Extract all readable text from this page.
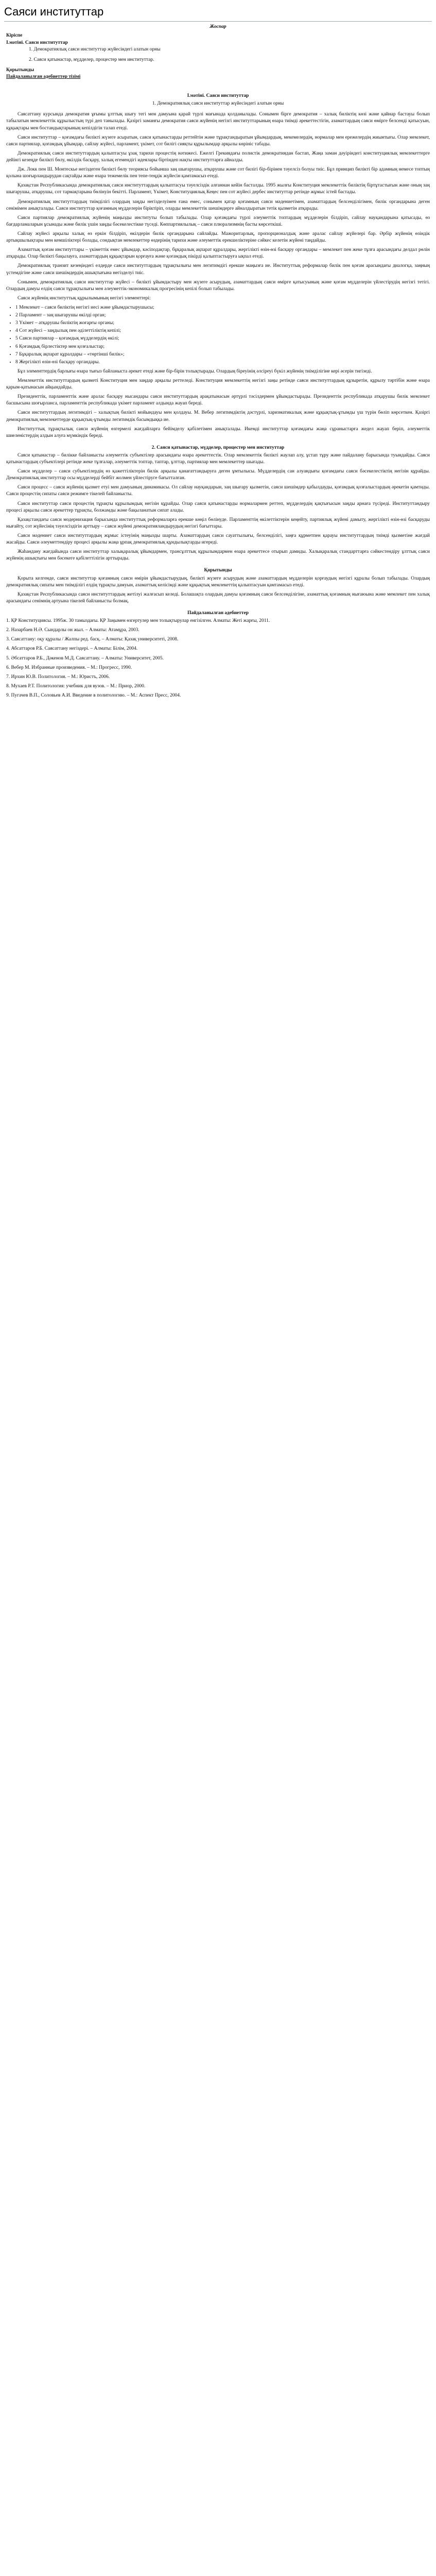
Саяси институттар
Жоспар
Кіріспе
I.мәтіні. Саяси институттар
1. Демократиялық саяси институттар жүйесіндегі алатын орны
2. Саяси қатынастар, мүдделер, процестер мен институттар.
Қорытынды
Пайдаланылған әдебиеттер тізімі
I.мәтіні. Саяси институттар
1. Демократиялық саяси институттар жүйесіндегі алатын орны

Саясаттану курсында демократия ұғымы ұлттық шығу тегі мен дамуына қарай түрлі мағынада қолданылады. Сонымен бірге демократия – халық биліктің көзі және қайнар бастауы болып табылатын мемлекеттік құрылыстың түрі деп танылады. Қазіргі заманғы демократия саяси жүйенің негізгі институттарының өзара тиімді әрекеттестігін, азаматтардың саяси өмірге белсенді қатысуын, құқықтары мен бостандықтарының кепілдігін талап етеді.

Саяси институттар – қоғамдағы билікті жүзеге асыратын, саяси қатынастарды реттейтін және тұрақтандыратын ұйымдардың, мекемелердің, нормалар мен ережелердің жиынтығы. Олар мемлекет, саяси партиялар, қоғамдық ұйымдар, сайлау жүйесі, парламент, үкімет, сот билігі сияқты құрылымдар арқылы көрініс табады.

Демократиялық саяси институттардың қалыптасуы ұзақ тарихи процестің нәтижесі. Ежелгі Грекиядағы полистік демократиядан бастап, Жаңа заман дәуіріндегі конституциялық мемлекеттерге дейінгі кезеңде билікті бөлу, өкілдік басқару, халық егемендігі идеялары біртіндеп нақты институттарға айналды.

Дж. Локк пен Ш. Монтескье негіздеген билікті бөлу теориясы бойынша заң шығарушы, атқарушы және сот билігі бір-бірінен тәуелсіз болуы тиіс. Бұл принцип билікті бір адамның немесе топтың қолына шоғырландырудан сақтайды және өзара тежемелік пен тепе-теңдік жүйесін қамтамасыз етеді.

Қазақстан Республикасында демократиялық саяси институттардың қалыптасуы тәуелсіздік алғаннан кейін басталды. 1995 жылғы Конституция мемлекеттік биліктің біртұтастығын және оның заң шығарушы, атқарушы, сот тармақтарына бөлінуін бекітті. Парламент, Үкімет, Конституциялық Кеңес пен сот жүйесі дербес институттар ретінде жұмыс істей бастады.

Демократиялық институттардың тиімділігі олардың заңды негізделуімен ғана емес, сонымен қатар қоғамның саяси мәдениетімен, азаматтардың белсенділігімен, билік органдарына деген сенімімен анықталады. Саяси институттар қоғамның мүдделерін біріктіріп, оларды мемлекеттік шешімдерге айналдыратын тетік қызметін атқарады.

Саяси партиялар демократиялық жүйенің маңызды институты болып табылады. Олар қоғамдағы түрлі әлеуметтік топтардың мүдделерін білдіріп, сайлау науқандарына қатысады, өз бағдарламаларын ұсынады және билік үшін заңды бәсекелестікке түседі. Көппартиялылық – саяси плюрализмнің басты көрсеткіші.

Сайлау жүйесі арқылы халық өз еркін білдіріп, өкілдерін билік органдарына сайлайды. Мажоритарлық, пропорционалдық және аралас сайлау жүйелері бар. Әрбір жүйенің өзіндік артықшылықтары мен кемшіліктері болады, сондықтан мемлекеттер өздерінің тарихи және әлеуметтік ерекшеліктеріне сәйкес келетін жүйені таңдайды.

Азаматтық қоғам институттары – үкіметтік емес ұйымдар, кәсіподақтар, бұқаралық ақпарат құралдары, жергілікті өзін-өзі басқару органдары – мемлекет пен жеке тұлға арасындағы делдал рөлін атқарады. Олар билікті бақылауға, азаматтардың құқықтарын қорғауға және қоғамдық пікірді қалыптастыруға ықпал етеді.

Демократиялық транзит кезеңіндегі елдерде саяси институттардың тұрақтылығы мен легитимдігі ерекше маңызға ие. Институттық реформалар билік пен қоғам арасындағы диалогқа, заңның үстемдігіне және саяси шешімдердің ашықтығына негізделуі тиіс.

Сонымен, демократиялық саяси институттар жүйесі – билікті ұйымдастыру мен жүзеге асырудың, азаматтардың саяси өмірге қатысуының және қоғам мүдделерін үйлестірудің негізгі тетігі. Олардың дамуы елдің саяси тұрақтылығы мен әлеуметтік-экономикалық прогресінің кепілі болып табылады.

Саяси жүйенің институттық құрылымының негізгі элементтері:

• 1 Мемлекет – саяси биліктің негізгі иесі және ұйымдастырушысы;
• 2 Парламент – заң шығарушы өкілді орган;
• 3 Үкімет – атқарушы биліктің жоғарғы органы;
• 4 Сот жүйесі – заңдылық пен әділеттіліктің кепілі;
• 5 Саяси партиялар – қоғамдық мүдделердің өкілі;
• 6 Қоғамдық бірлестіктер мен қозғалыстар;
• 7 Бұқаралық ақпарат құралдары – «төртінші билік»;
• 8 Жергілікті өзін-өзі басқару органдары.

Бұл элементтердің барлығы өзара тығыз байланыста әрекет етеді және бір-бірін толықтырады. Олардың біреуінің әлсіреуі бүкіл жүйенің тиімділігіне кері әсерін тигізеді.

Мемлекеттік институттардың қызметі Конституция мен заңдар арқылы реттеледі. Конституция мемлекеттің негізгі заңы ретінде саяси институттардың құзыретін, құрылу тәртібін және өзара қарым-қатынасын айқындайды.

Президенттік, парламенттік және аралас басқару нысандары саяси институттардың арақатынасын әртүрлі тәсілдермен ұйымдастырады. Президенттік республикада атқарушы билік мемлекет басшысына шоғырланса, парламенттік республикада үкімет парламент алдында жауап береді.

Саяси институттардың легитимдігі – халықтың билікті мойындауы мен қолдауы. М. Вебер легитимдіктің дәстүрлі, харизматикалық және құқықтық-ұтымды үш түрін бөліп көрсеткен. Қазіргі демократиялық мемлекеттерде құқықтық-ұтымды легитимдік басымдыққа ие.

Институттық тұрақтылық саяси жүйенің өзгермелі жағдайларға бейімделу қабілетімен анықталады. Икемді институттар қоғамдағы жаңа сұраныстарға жедел жауап беріп, әлеуметтік шиеленістердің алдын алуға мүмкіндік береді.

2. Саяси қатынастар, мүдделер, процестер мен институттар

Саяси қатынастар – билікке байланысты әлеуметтік субъектілер арасындағы өзара әрекеттестік. Олар мемлекеттік билікті жаулап алу, ұстап тұру және пайдалану барысында туындайды. Саяси қатынастардың субъектілері ретінде жеке тұлғалар, әлеуметтік топтар, таптар, ұлттар, партиялар мен мемлекеттер шығады.

Саяси мүдделер – саяси субъектілердің өз қажеттіліктерін билік арқылы қанағаттандыруға деген ұмтылысы. Мүдделердің сан алуандығы қоғамдағы саяси бәсекелестіктің негізін құрайды. Демократиялық институттар осы мүдделерді бейбіт жолмен үйлестіруге бағытталған.

Саяси процесс – саяси жүйенің қызмет етуі мен дамуының динамикасы. Ол сайлау науқандарын, заң шығару қызметін, саяси шешімдер қабылдауды, қоғамдық қозғалыстардың әрекетін қамтиды. Саяси процестің сипаты саяси режимге тікелей байланысты.

Саяси институттар саяси процестің тұрақты құрылымдық негізін құрайды. Олар саяси қатынастарды нормалармен реттеп, мүдделердің қақтығысын заңды арнаға түсіреді. Институттандыру процесі арқылы саяси әрекеттер тұрақты, болжамды және бақыланатын сипат алады.

Қазақстандағы саяси модернизация барысында институттық реформаларға ерекше көңіл бөлінуде. Парламенттің өкілеттіктерін кеңейту, партиялық жүйені дамыту, жергілікті өзін-өзі басқаруды нығайту, сот жүйесінің тәуелсіздігін арттыру – саяси жүйені демократияландырудың негізгі бағыттары.

Саяси мәдениет саяси институттардың жұмыс істеуінің маңызды шарты. Азаматтардың саяси сауаттылығы, белсенділігі, заңға құрметпен қарауы институттардың тиімді қызметіне жағдай жасайды. Саяси әлеуметтендіру процесі арқылы жаңа ұрпақ демократиялық құндылықтарды игереді.

Жаһандану жағдайында саяси институттар халықаралық ұйымдармен, трансұлттық құрылымдармен өзара әрекеттесе отырып дамиды. Халықаралық стандарттарға сәйкестендіру ұлттық саяси жүйенің ашықтығы мен бәсекеге қабілеттілігін арттырады.

Қорытынды

Қорыта келгенде, саяси институттар қоғамның саяси өмірін ұйымдастырудың, билікті жүзеге асырудың және азаматтардың мүдделерін қорғаудың негізгі құралы болып табылады. Олардың демократиялық сипаты мен тиімділігі елдің тұрақты дамуын, азаматтық келісімді және құқықтық мемлекеттің қалыптасуын қамтамасыз етеді.

Қазақстан Республикасында саяси институттардың жетілуі жалғасып келеді. Болашақта олардың дамуы қоғамның саяси белсенділігіне, азаматтық қоғамның нығаюына және мемлекет пен халық арасындағы сенімнің артуына тікелей байланысты болмақ.

Пайдаланылған әдебиеттер

1. ҚР Конституциясы. 1995ж. 30 тамыздағы. ҚР Заңымен өзгертулер мен толықтырулар енгізілген. Алматы: Жеті жарғы, 2011.

2. Назарбаев Н.Ә. Сындарлы он жыл. – Алматы: Атамұра, 2003.

3. Саясаттану: оқу құралы / Жалпы ред. басқ. – Алматы: Қазақ университеті, 2008.

4. Абсаттаров Р.Б. Саясаттану негіздері. – Алматы: Білім, 2004.

5. Әбсаттаров Р.Б., Дәкенов М.Д. Саясаттану. – Алматы: Университет, 2005.

6. Вебер М. Избранные произведения. – М.: Прогресс, 1990.

7. Ирхин Ю.В. Политология. – М.: Юристъ, 2006.

8. Мухаев Р.Т. Политология: учебник для вузов. – М.: Приор, 2000.

9. Пугачев В.П., Соловьев А.И. Введение в политологию. – М.: Аспект Пресс, 2004.
